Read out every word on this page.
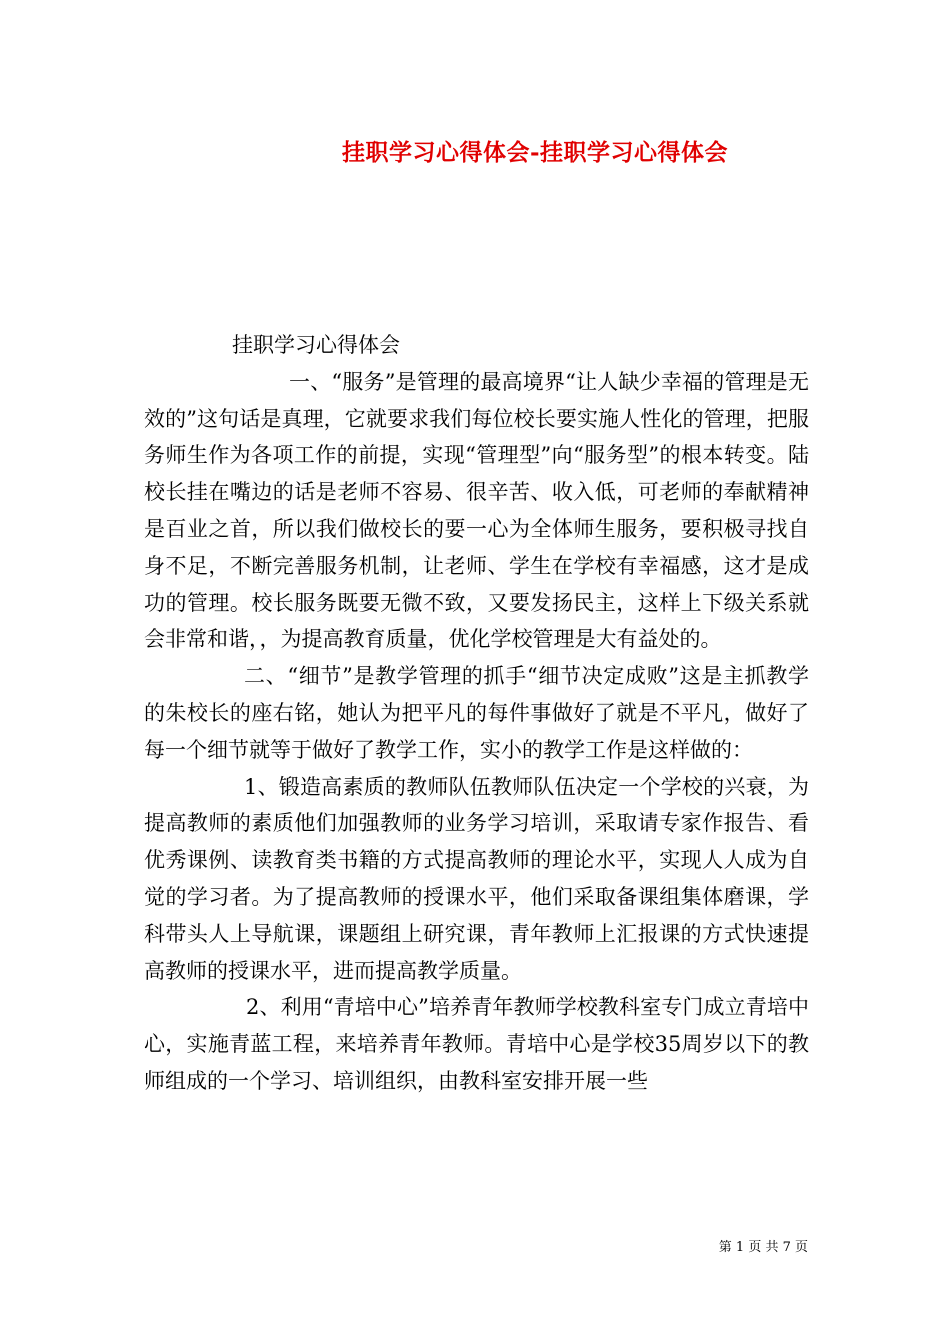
挂职学习心得体会-挂职学习心得体会

挂职学习心得体会

一、“服务”是管理的最高境界“让人缺少幸福的管理是无效的”这句话是真理，它就要求我们每位校长要实施人性化的管理，把服务师生作为各项工作的前提，实现“管理型”向“服务型”的根本转变。陆校长挂在嘴边的话是老师不容易、很辛苦、收入低，可老师的奉献精神是百业之首，所以我们做校长的要一心为全体师生服务，要积极寻找自身不足，不断完善服务机制，让老师、学生在学校有幸福感，这才是成功的管理。校长服务既要无微不致，又要发扬民主，这样上下级关系就会非常和谐，，为提高教育质量，优化学校管理是大有益处的。

二、“细节”是教学管理的抓手“细节决定成败”这是主抓教学的朱校长的座右铭，她认为把平凡的每件事做好了就是不平凡，做好了每一个细节就等于做好了教学工作，实小的教学工作是这样做的：

1、锻造高素质的教师队伍教师队伍决定一个学校的兴衰，为提高教师的素质他们加强教师的业务学习培训，采取请专家作报告、看优秀课例、读教育类书籍的方式提高教师的理论水平，实现人人成为自觉的学习者。为了提高教师的授课水平，他们采取备课组集体磨课，学科带头人上导航课，课题组上研究课，青年教师上汇报课的方式快速提高教师的授课水平，进而提高教学质量。

2、利用“青培中心”培养青年教师学校教科室专门成立青培中心，实施青蓝工程，来培养青年教师。青培中心是学校35周岁以下的教师组成的一个学习、培训组织，由教科室安排开展一些

第 1 页 共 7 页
